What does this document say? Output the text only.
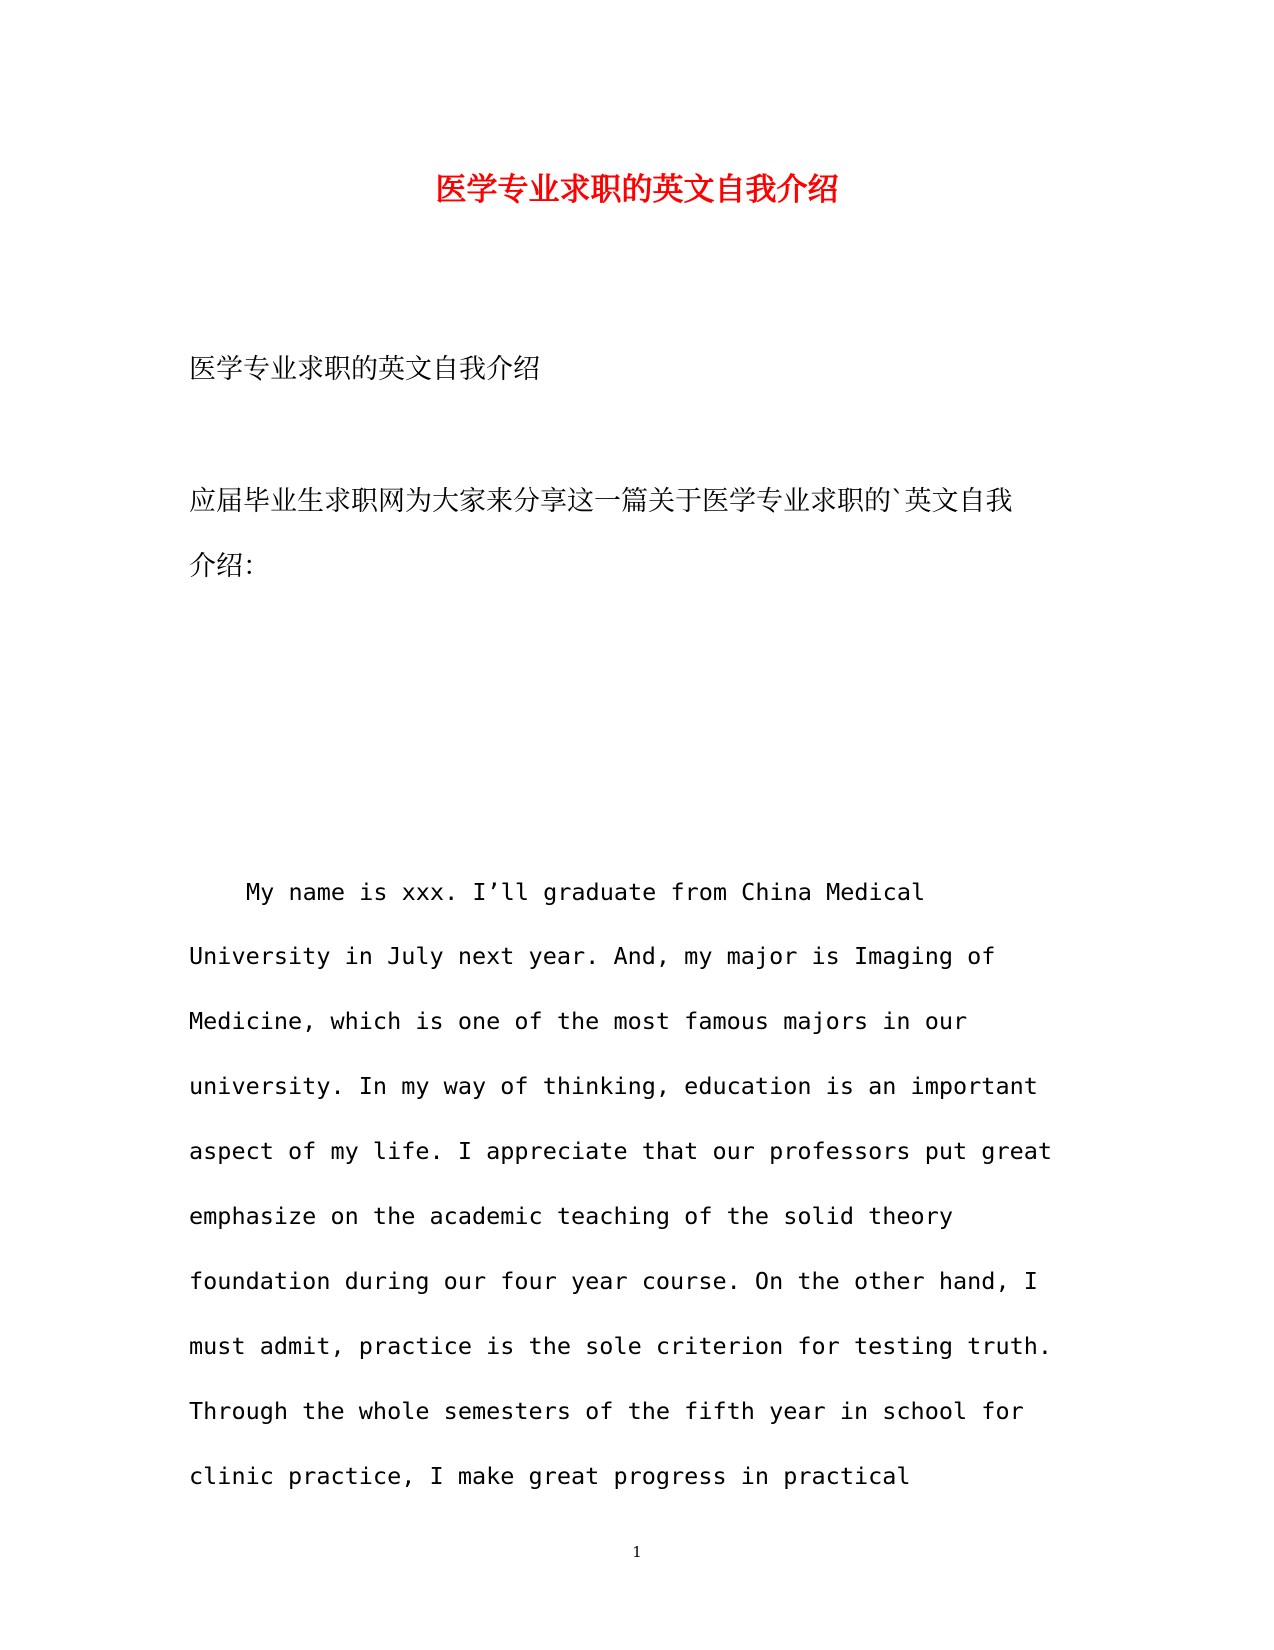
医学专业求职的英文自我介绍
医学专业求职的英文自我介绍
应届毕业生求职网为大家来分享这一篇关于医学专业求职的`英文自我
介绍：
My name is xxx. I’ll graduate from China Medical
University in July next year. And, my major is Imaging of
Medicine, which is one of the most famous majors in our
university. In my way of thinking, education is an important
aspect of my life. I appreciate that our professors put great
emphasize on the academic teaching of the solid theory
foundation during our four year course. On the other hand, I
must admit, practice is the sole criterion for testing truth.
Through the whole semesters of the fifth year in school for
clinic practice, I make great progress in practical
1
